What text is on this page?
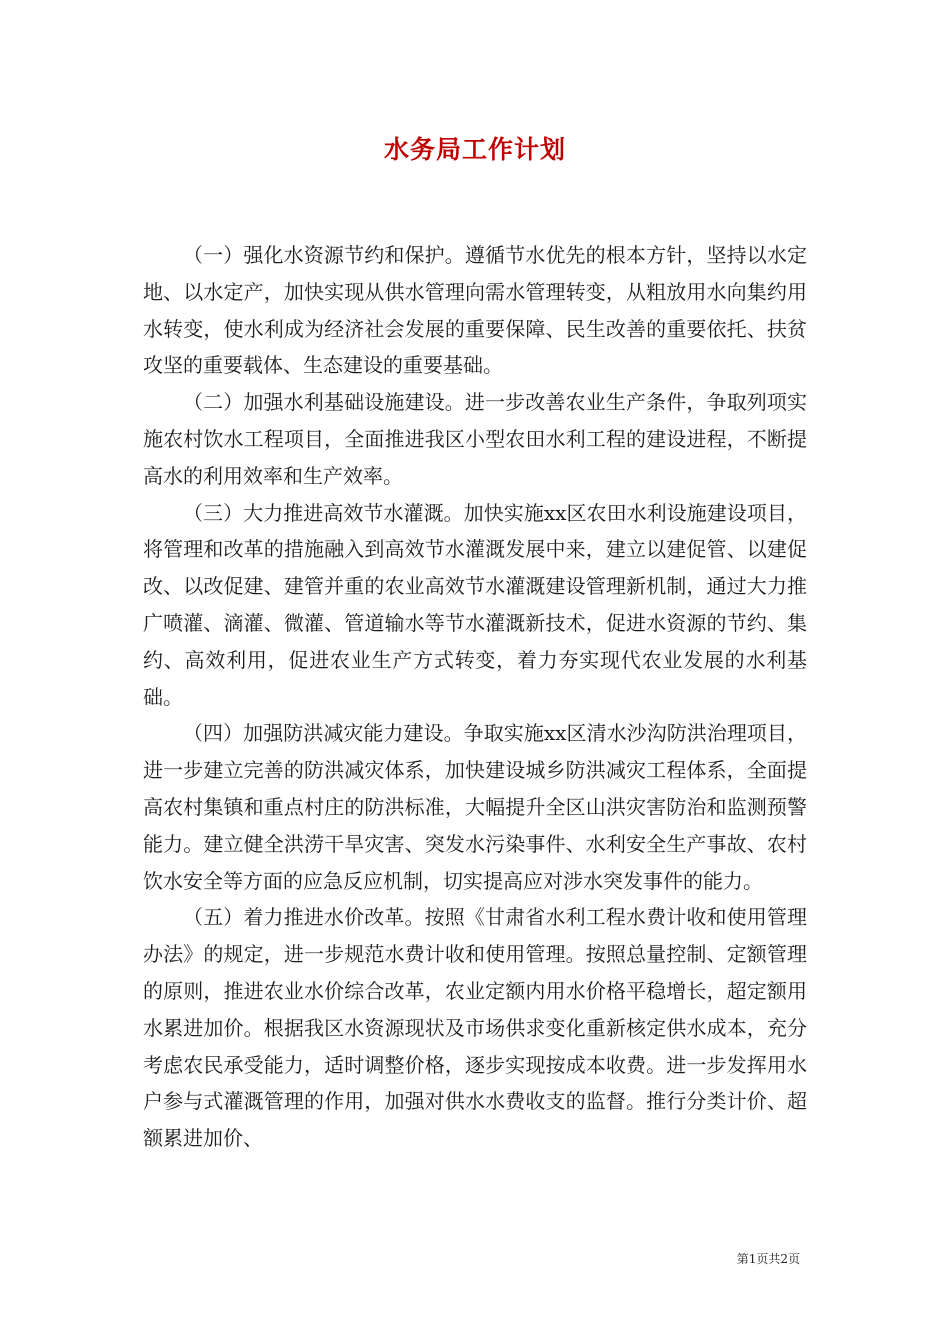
水务局工作计划

（一）强化水资源节约和保护。遵循节水优先的根本方针，坚持以水定地、以水定产，加快实现从供水管理向需水管理转变，从粗放用水向集约用水转变，使水利成为经济社会发展的重要保障、民生改善的重要依托、扶贫攻坚的重要载体、生态建设的重要基础。

（二）加强水利基础设施建设。进一步改善农业生产条件，争取列项实施农村饮水工程项目，全面推进我区小型农田水利工程的建设进程，不断提高水的利用效率和生产效率。

（三）大力推进高效节水灌溉。加快实施xx区农田水利设施建设项目，将管理和改革的措施融入到高效节水灌溉发展中来，建立以建促管、以建促改、以改促建、建管并重的农业高效节水灌溉建设管理新机制，通过大力推广喷灌、滴灌、微灌、管道输水等节水灌溉新技术，促进水资源的节约、集约、高效利用，促进农业生产方式转变，着力夯实现代农业发展的水利基础。

（四）加强防洪减灾能力建设。争取实施xx区清水沙沟防洪治理项目，进一步建立完善的防洪减灾体系，加快建设城乡防洪减灾工程体系，全面提高农村集镇和重点村庄的防洪标准，大幅提升全区山洪灾害防治和监测预警能力。建立健全洪涝干旱灾害、突发水污染事件、水利安全生产事故、农村饮水安全等方面的应急反应机制，切实提高应对涉水突发事件的能力。

（五）着力推进水价改革。按照《甘肃省水利工程水费计收和使用管理办法》的规定，进一步规范水费计收和使用管理。按照总量控制、定额管理的原则，推进农业水价综合改革，农业定额内用水价格平稳增长，超定额用水累进加价。根据我区水资源现状及市场供求变化重新核定供水成本，充分考虑农民承受能力，适时调整价格，逐步实现按成本收费。进一步发挥用水户参与式灌溉管理的作用，加强对供水水费收支的监督。推行分类计价、超额累进加价、

第1页共2页
